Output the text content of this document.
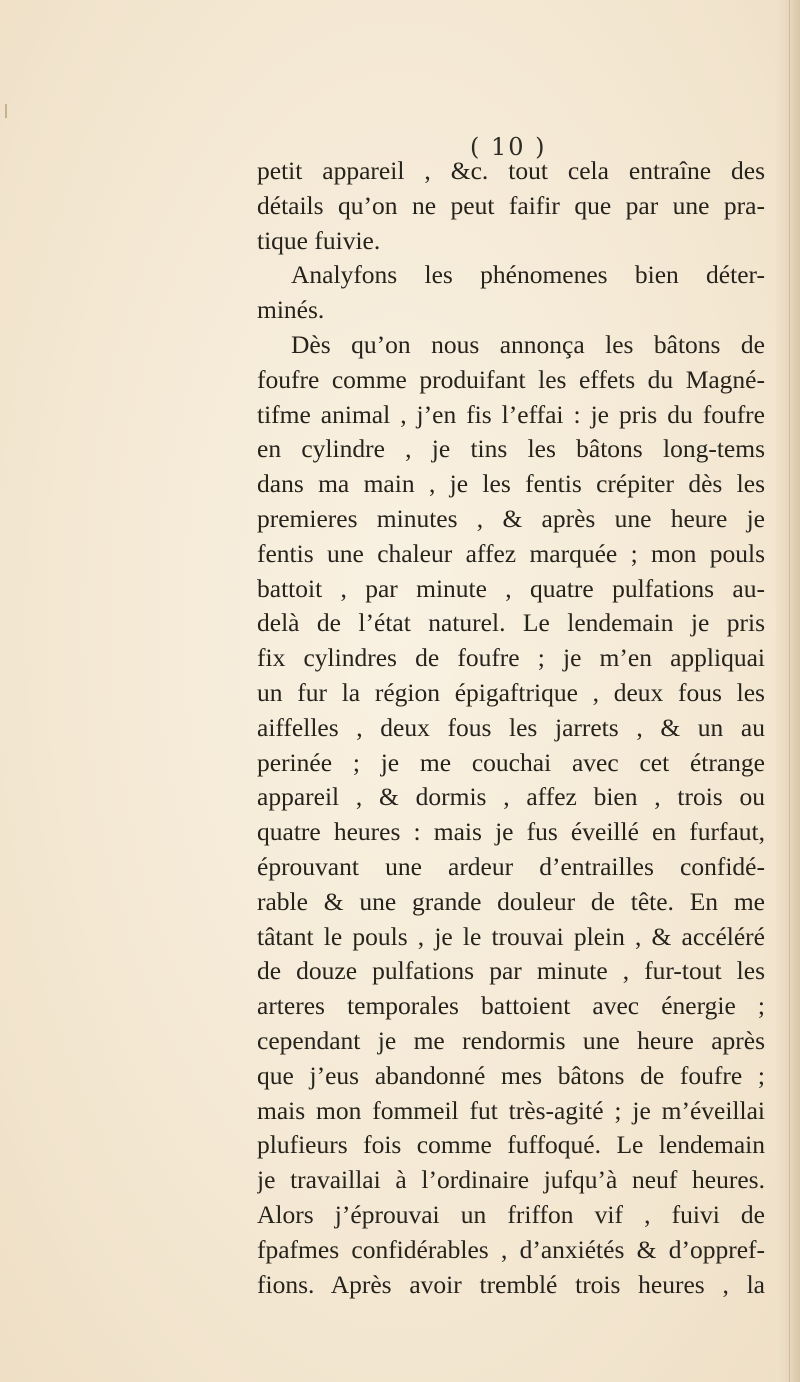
( 10 )
petit appareil , &c. tout cela entraîne des
détails qu’on ne peut faifir que par une pra-
tique fuivie.
Analyfons les phénomenes bien déter-
minés.
Dès qu’on nous annonça les bâtons de
foufre comme produifant les effets du Magné-
tifme animal , j’en fis l’effai : je pris du foufre
en cylindre , je tins les bâtons long-tems
dans ma main , je les fentis crépiter dès les
premieres minutes , & après une heure je
fentis une chaleur affez marquée ; mon pouls
battoit , par minute , quatre pulfations au-
delà de l’état naturel. Le lendemain je pris
fix cylindres de foufre ; je m’en appliquai
un fur la région épigaftrique , deux fous les
aiffelles , deux fous les jarrets , & un au
perinée ; je me couchai avec cet étrange
appareil , & dormis , affez bien , trois ou
quatre heures : mais je fus éveillé en furfaut,
éprouvant une ardeur d’entrailles confidé-
rable & une grande douleur de tête. En me
tâtant le pouls , je le trouvai plein , & accéléré
de douze pulfations par minute , fur-tout les
arteres temporales battoient avec énergie ;
cependant je me rendormis une heure après
que j’eus abandonné mes bâtons de foufre ;
mais mon fommeil fut très-agité ; je m’éveillai
plufieurs fois comme fuffoqué. Le lendemain
je travaillai à l’ordinaire jufqu’à neuf heures.
Alors j’éprouvai un friffon vif , fuivi de
fpafmes confidérables , d’anxiétés & d’oppref-
fions. Après avoir tremblé trois heures , la
